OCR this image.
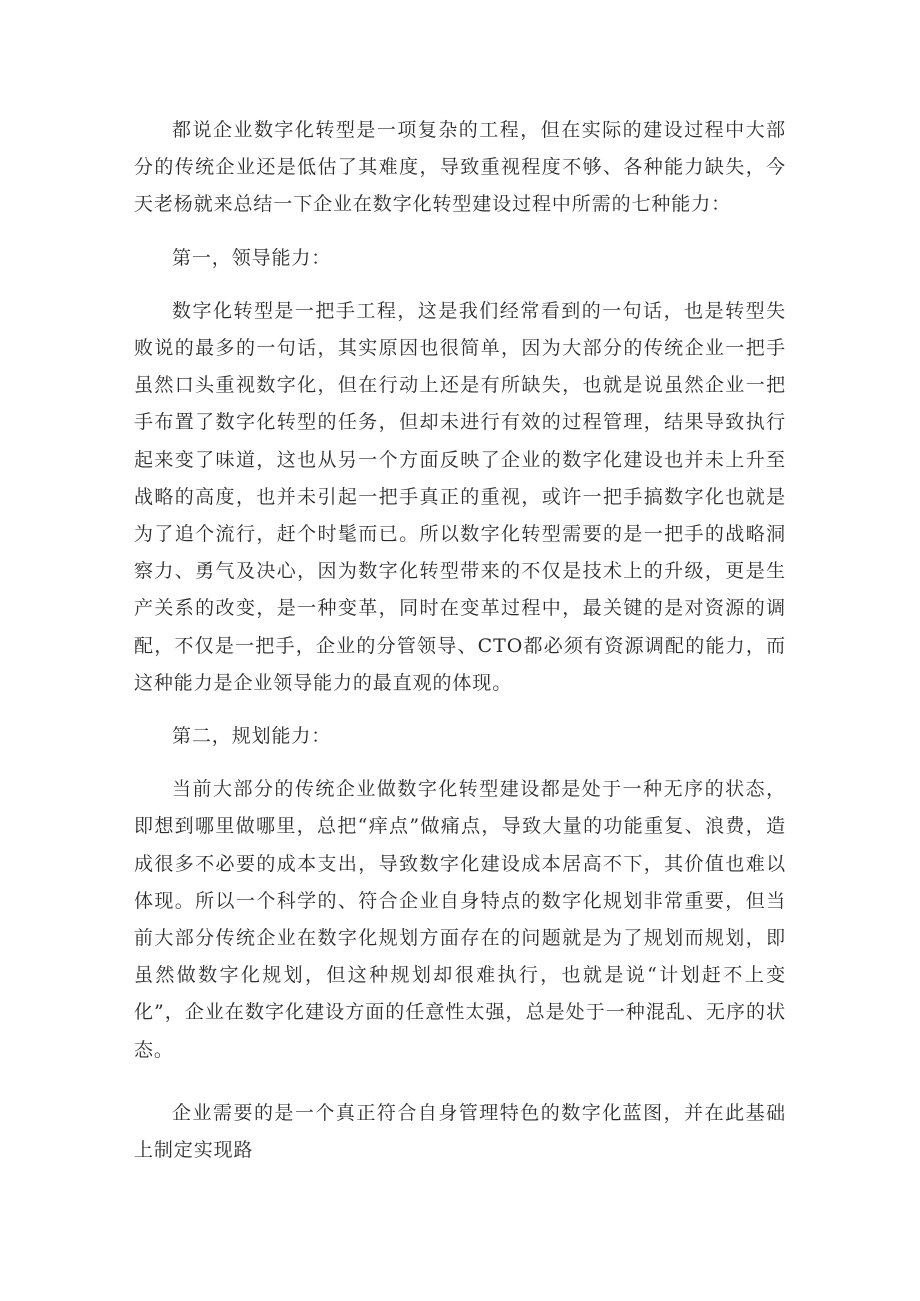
都说企业数字化转型是一项复杂的工程，但在实际的建设过程中大部分的传统企业还是低估了其难度，导致重视程度不够、各种能力缺失，今天老杨就来总结一下企业在数字化转型建设过程中所需的七种能力：

第一，领导能力：

数字化转型是一把手工程，这是我们经常看到的一句话，也是转型失败说的最多的一句话，其实原因也很简单，因为大部分的传统企业一把手虽然口头重视数字化，但在行动上还是有所缺失，也就是说虽然企业一把手布置了数字化转型的任务，但却未进行有效的过程管理，结果导致执行起来变了味道，这也从另一个方面反映了企业的数字化建设也并未上升至战略的高度，也并未引起一把手真正的重视，或许一把手搞数字化也就是为了追个流行，赶个时髦而已。所以数字化转型需要的是一把手的战略洞察力、勇气及决心，因为数字化转型带来的不仅是技术上的升级，更是生产关系的改变，是一种变革，同时在变革过程中，最关键的是对资源的调配，不仅是一把手，企业的分管领导、CTO都必须有资源调配的能力，而这种能力是企业领导能力的最直观的体现。

第二，规划能力：

当前大部分的传统企业做数字化转型建设都是处于一种无序的状态，即想到哪里做哪里，总把“痒点”做痛点，导致大量的功能重复、浪费，造成很多不必要的成本支出，导致数字化建设成本居高不下，其价值也难以体现。所以一个科学的、符合企业自身特点的数字化规划非常重要，但当前大部分传统企业在数字化规划方面存在的问题就是为了规划而规划，即虽然做数字化规划，但这种规划却很难执行，也就是说“计划赶不上变化”，企业在数字化建设方面的任意性太强，总是处于一种混乱、无序的状态。

企业需要的是一个真正符合自身管理特色的数字化蓝图，并在此基础上制定实现路
